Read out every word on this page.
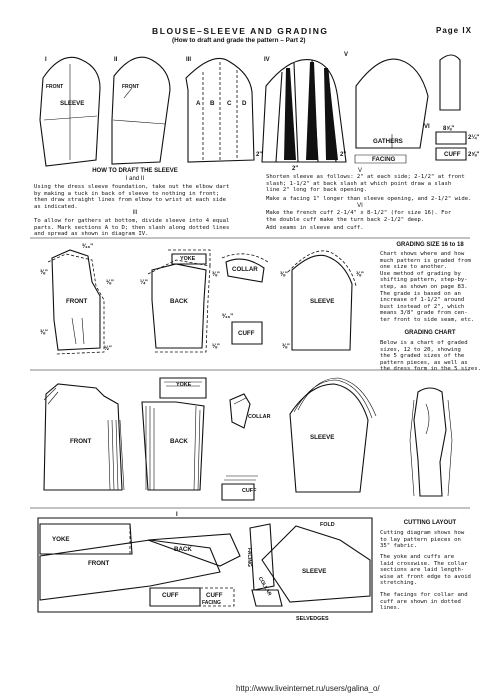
BLOUSE–SLEEVE AND GRADING
(How to draft and grade the pattern – Part 2)
Page IX
I	II	III	IV
V
VI
SLEEVE
FRONT	FRONT
A B C D
GATHERS
FACING
CUFF
2"
2"
2"
8⅝"
2¼"
2⅝"
HOW TO DRAFT THE SLEEVE
I and II
Using the dress sleeve foundation, take out the elbow dart
by making a tuck in back of sleeve to nothing in front;
then draw straight lines from elbow to wrist at each side
as indicated.
III
To allow for gathers at bottom, divide sleeve into 4 equal
parts. Mark sections A to D; then slash along dotted lines
and spread as shown in diagram IV.
V
Shorten sleeve as follows: 2" at each side; 2-1/2" at front
slash; 1-1/2" at back slash at which point draw a slash
line 2" long for back opening.
Make a facing 1" longer than sleeve opening, and 2-1/2" wide.
VI
Make the french cuff 2-1/4" x 8-1/2" (for size 16). For
the double cuff make the turn back 2-1/2" deep.
Add seams in sleeve and cuff.
FRONT	BACK
YOKE
COLLAR
SLEEVE
CUFF
⅜"
⅜"
³⁄₁₆"
⅛"
½"
¼"
⅜"
⅛"
⅜"
³⁄₁₆"
⅜"
⅜"
GRADING SIZE 16 to 18
Chart shows where and how
much pattern is graded from
one size to another.
Use method of grading by
shifting pattern, step-by-
step, as shown on page 83.
The grade is based on an
increase of 1-1/2" around
bust instead of 2", which
means 3/8" grade from cen-
ter front to side seam, etc.
GRADING CHART
Below is a chart of graded
sizes, 12 to 20, showing
the 5 graded sizes of the
pattern pieces, as well as
the dress form in the 5 sizes.
YOKE
FRONT	BACK
COLLAR
SLEEVE
CUFF
I
YOKE
BACK
FRONT
CUFF	CUFF
FACING
FACING
COLLAR
SLEEVE
FOLD
SELVEDGES
CUTTING LAYOUT
Cutting diagram shows how
to lay pattern pieces on
35" fabric.
The yoke and cuffs are
laid crosswise. The collar
sections are laid length-
wise at front edge to avoid
stretching.
The facings for collar and
cuff are shown in dotted
lines.
http://www.liveinternet.ru/users/galina_o/
